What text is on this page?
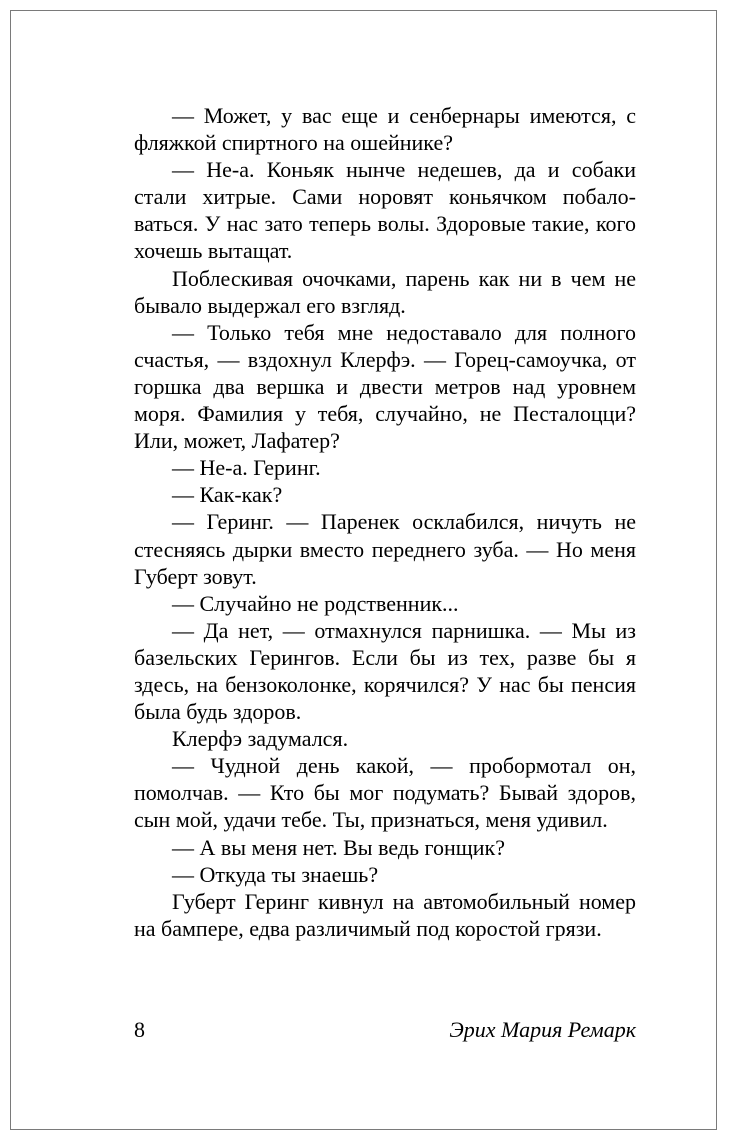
— Может, у вас еще и сенбернары имеются, с фляжкой спиртного на ошейнике?

— Не-а. Коньяк нынче недешев, да и собаки стали хитрые. Сами норовят коньячком побаловаться. У нас зато теперь волы. Здоровые такие, кого хочешь вытащат.

Поблескивая очочками, парень как ни в чем не бывало выдержал его взгляд.

— Только тебя мне недоставало для полного счастья, — вздохнул Клерфэ. — Горец-самоучка, от горшка два вершка и двести метров над уровнем моря. Фамилия у тебя, случайно, не Песталоцци? Или, может, Лафатер?

— Не-а. Геринг.

— Как-как?

— Геринг. — Паренек осклабился, ничуть не стесняясь дырки вместо переднего зуба. — Но меня Губерт зовут.

— Случайно не родственник...

— Да нет, — отмахнулся парнишка. — Мы из базельских Герингов. Если бы из тех, разве бы я здесь, на бензоколонке, корячился? У нас бы пенсия была будь здоров.

Клерфэ задумался.

— Чудной день какой, — пробормотал он, помолчав. — Кто бы мог подумать? Бывай здоров, сын мой, удачи тебе. Ты, признаться, меня удивил.

— А вы меня нет. Вы ведь гонщик?

— Откуда ты знаешь?

Губерт Геринг кивнул на автомобильный номер на бампере, едва различимый под коростой грязи.

8	Эрих Мария Ремарк
